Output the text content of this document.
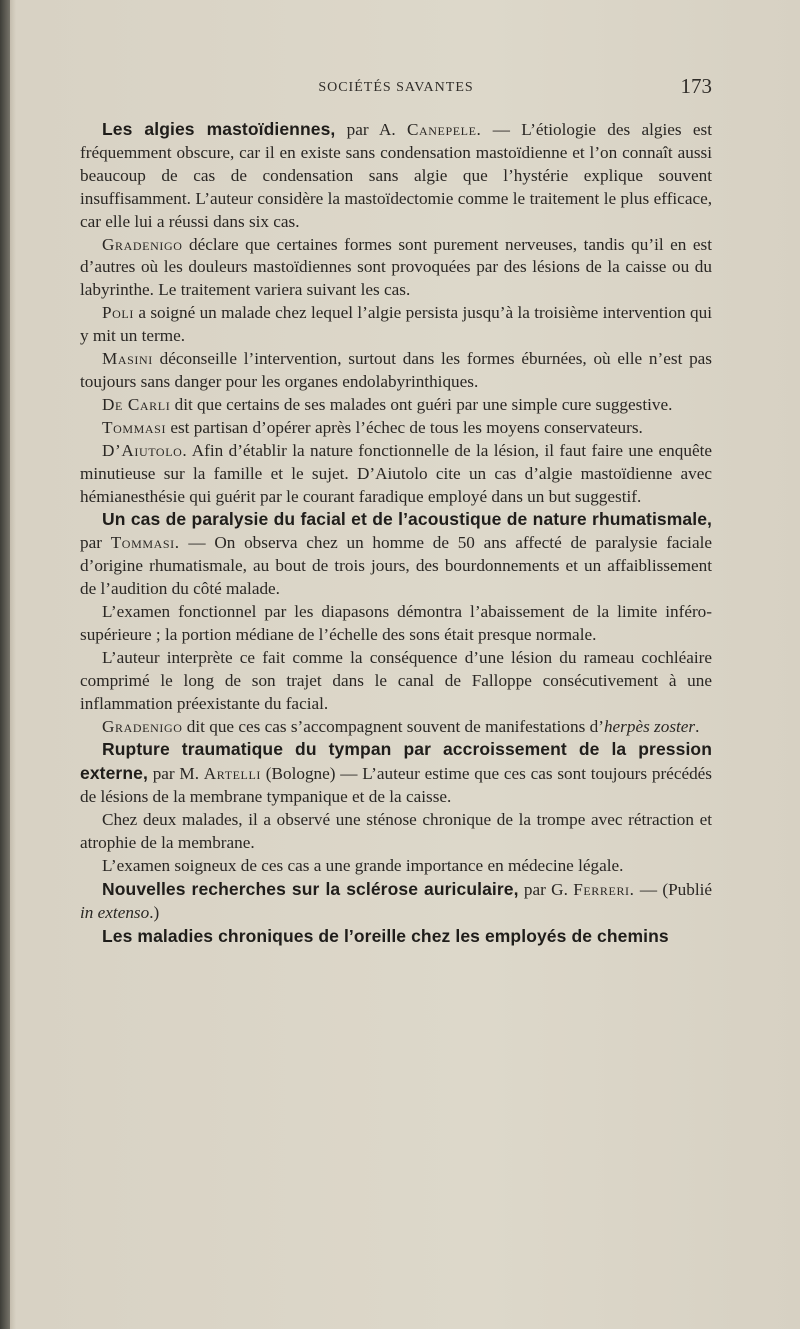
SOCIÉTÉS SAVANTES	173

Les algies mastoïdiennes, par A. Canepele. — L’étiologie des algies est fréquemment obscure, car il en existe sans condensation mastoïdienne et l’on connaît aussi beaucoup de cas de condensation sans algie que l’hystérie explique souvent insuffisamment. L’auteur considère la mastoïdectomie comme le traitement le plus efficace, car elle lui a réussi dans six cas.

Gradenigo déclare que certaines formes sont purement nerveuses, tandis qu’il en est d’autres où les douleurs mastoïdiennes sont provoquées par des lésions de la caisse ou du labyrinthe. Le traitement variera suivant les cas.

Poli a soigné un malade chez lequel l’algie persista jusqu’à la troisième intervention qui y mit un terme.

Masini déconseille l’intervention, surtout dans les formes éburnées, où elle n’est pas toujours sans danger pour les organes endolabyrinthiques.

De Carli dit que certains de ses malades ont guéri par une simple cure suggestive.

Tommasi est partisan d’opérer après l’échec de tous les moyens conservateurs.

D’Aiutolo. Afin d’établir la nature fonctionnelle de la lésion, il faut faire une enquête minutieuse sur la famille et le sujet. D’Aiutolo cite un cas d’algie mastoïdienne avec hémianesthésie qui guérit par le courant faradique employé dans un but suggestif.

Un cas de paralysie du facial et de l’acoustique de nature rhumatismale, par Tommasi. — On observa chez un homme de 50 ans affecté de paralysie faciale d’origine rhumatismale, au bout de trois jours, des bourdonnements et un affaiblissement de l’audition du côté malade.

L’examen fonctionnel par les diapasons démontra l’abaissement de la limite inféro-supérieure ; la portion médiane de l’échelle des sons était presque normale.

L’auteur interprète ce fait comme la conséquence d’une lésion du rameau cochléaire comprimé le long de son trajet dans le canal de Falloppe consécutivement à une inflammation préexistante du facial.

Gradenigo dit que ces cas s’accompagnent souvent de manifestations d’herpès zoster.

Rupture traumatique du tympan par accroissement de la pression externe, par M. Artelli (Bologne) — L’auteur estime que ces cas sont toujours précédés de lésions de la membrane tympanique et de la caisse.

Chez deux malades, il a observé une sténose chronique de la trompe avec rétraction et atrophie de la membrane.

L’examen soigneux de ces cas a une grande importance en médecine légale.

Nouvelles recherches sur la sclérose auriculaire, par G. Ferreri. — (Publié in extenso.)

Les maladies chroniques de l’oreille chez les employés de chemins
